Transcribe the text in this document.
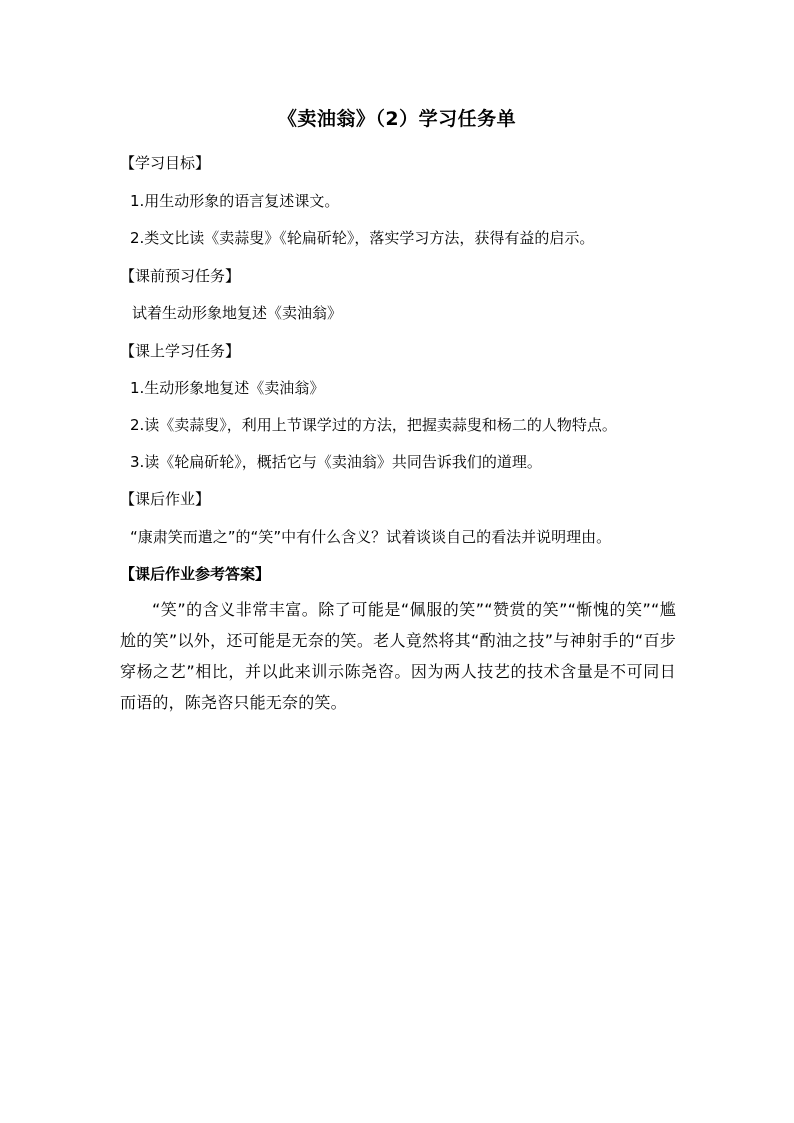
《卖油翁》（2）学习任务单
【学习目标】
1.用生动形象的语言复述课文。
2.类文比读《卖蒜叟》《轮扁斫轮》，落实学习方法，获得有益的启示。
【课前预习任务】
试着生动形象地复述《卖油翁》
【课上学习任务】
1.生动形象地复述《卖油翁》
2.读《卖蒜叟》，利用上节课学过的方法，把握卖蒜叟和杨二的人物特点。
3.读《轮扁斫轮》，概括它与《卖油翁》共同告诉我们的道理。
【课后作业】
“康肃笑而遣之”的“笑”中有什么含义？试着谈谈自己的看法并说明理由。
【课后作业参考答案】
“笑”的含义非常丰富。除了可能是“佩服的笑”“赞赏的笑”“惭愧的笑”“尴尬的笑”以外，还可能是无奈的笑。老人竟然将其“酌油之技”与神射手的“百步穿杨之艺”相比，并以此来训示陈尧咨。因为两人技艺的技术含量是不可同日而语的，陈尧咨只能无奈的笑。
